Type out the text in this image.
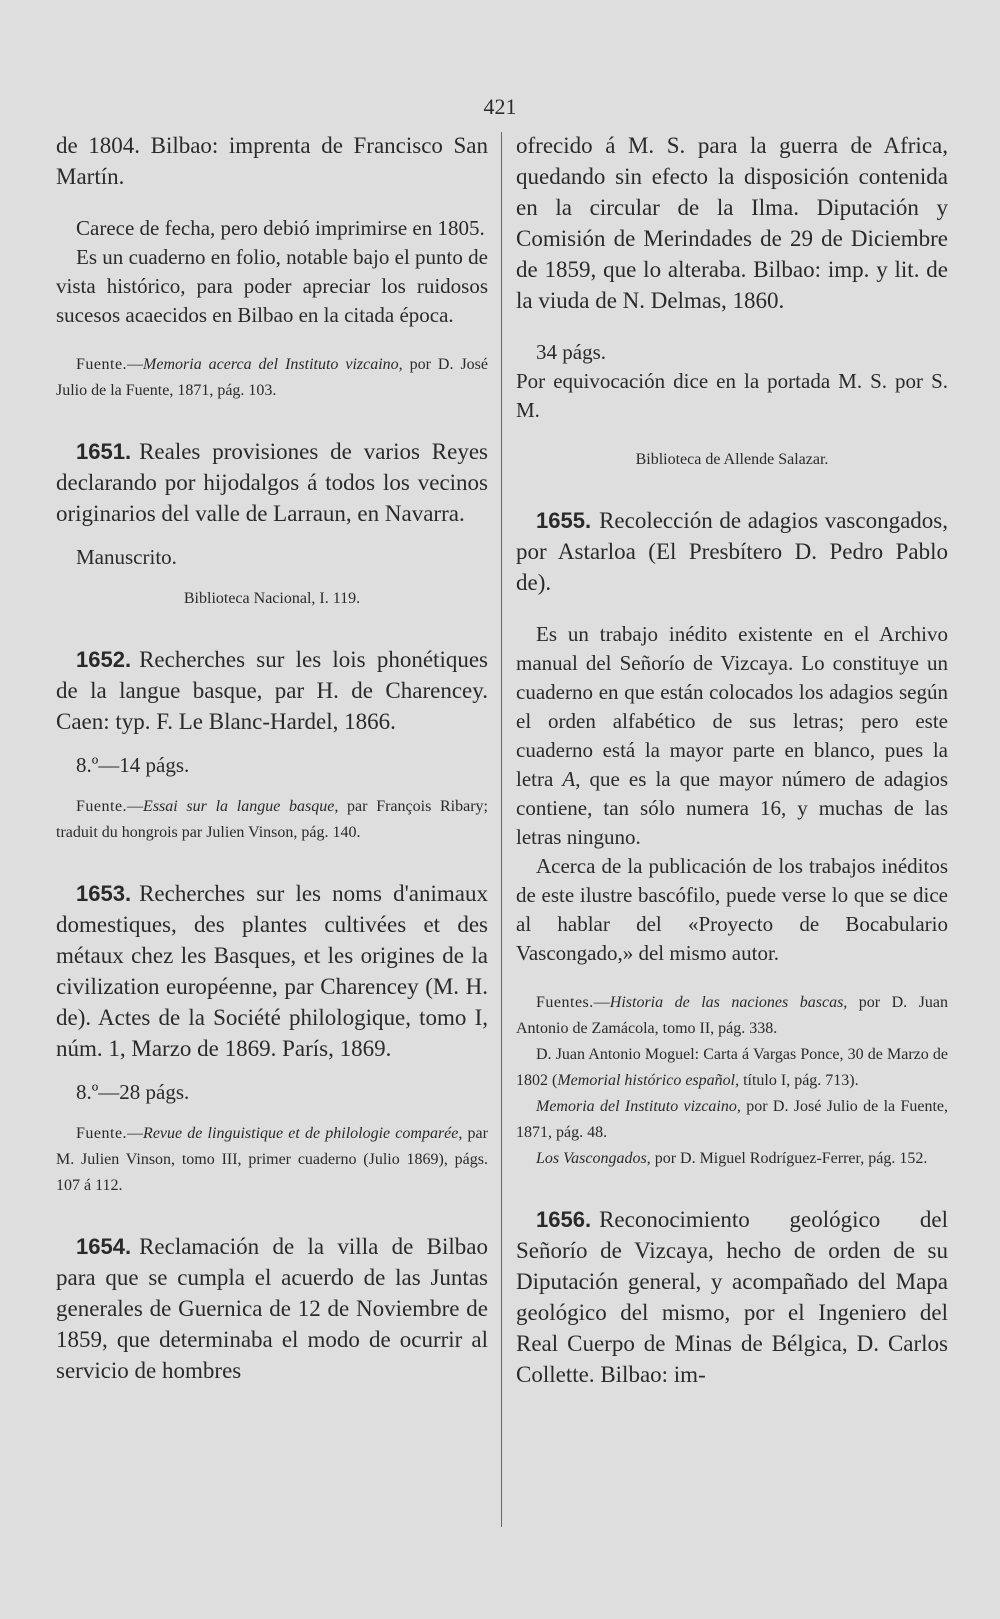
421

de 1804. Bilbao: imprenta de Francisco San Martín.

Carece de fecha, pero debió imprimirse en 1805.

Es un cuaderno en folio, notable bajo el punto de vista histórico, para poder apreciar los ruidosos sucesos acaecidos en Bilbao en la citada época.

Fuente.—Memoria acerca del Instituto vizcaino, por D. José Julio de la Fuente, 1871, pág. 103.

1651. Reales provisiones de varios Reyes declarando por hijodalgos á todos los vecinos originarios del valle de Larraun, en Navarra.

Manuscrito.

Biblioteca Nacional, I. 119.

1652. Recherches sur les lois phonétiques de la langue basque, par H. de Charencey. Caen: typ. F. Le Blanc-Hardel, 1866.

8.º—14 págs.

Fuente.—Essai sur la langue basque, par François Ribary; traduit du hongrois par Julien Vinson, pág. 140.

1653. Recherches sur les noms d'animaux domestiques, des plantes cultivées et des métaux chez les Basques, et les origines de la civilization européenne, par Charencey (M. H. de). Actes de la Société philologique, tomo I, núm. 1, Marzo de 1869. París, 1869.

8.º—28 págs.

Fuente.—Revue de linguistique et de philologie comparée, par M. Julien Vinson, tomo III, primer cuaderno (Julio 1869), págs. 107 á 112.

1654. Reclamación de la villa de Bilbao para que se cumpla el acuerdo de las Juntas generales de Guernica de 12 de Noviembre de 1859, que determinaba el modo de ocurrir al servicio de hombres

ofrecido á M. S. para la guerra de Africa, quedando sin efecto la disposición contenida en la circular de la Ilma. Diputación y Comisión de Merindades de 29 de Diciembre de 1859, que lo alteraba. Bilbao: imp. y lit. de la viuda de N. Delmas, 1860.

34 págs.

Por equivocación dice en la portada M. S. por S. M.

Biblioteca de Allende Salazar.

1655. Recolección de adagios vascongados, por Astarloa (El Presbítero D. Pedro Pablo de).

Es un trabajo inédito existente en el Archivo manual del Señorío de Vizcaya. Lo constituye un cuaderno en que están colocados los adagios según el orden alfabético de sus letras; pero este cuaderno está la mayor parte en blanco, pues la letra A, que es la que mayor número de adagios contiene, tan sólo numera 16, y muchas de las letras ninguno.

Acerca de la publicación de los trabajos inéditos de este ilustre bascófilo, puede verse lo que se dice al hablar del «Proyecto de Bocabulario Vascongado,» del mismo autor.

Fuentes.—Historia de las naciones bascas, por D. Juan Antonio de Zamácola, tomo II, pág. 338.

D. Juan Antonio Moguel: Carta á Vargas Ponce, 30 de Marzo de 1802 (Memorial histórico español, título I, pág. 713).

Memoria del Instituto vizcaino, por D. José Julio de la Fuente, 1871, pág. 48.

Los Vascongados, por D. Miguel Rodríguez-Ferrer, pág. 152.

1656. Reconocimiento geológico del Señorío de Vizcaya, hecho de orden de su Diputación general, y acompañado del Mapa geológico del mismo, por el Ingeniero del Real Cuerpo de Minas de Bélgica, D. Carlos Collette. Bilbao: im-
